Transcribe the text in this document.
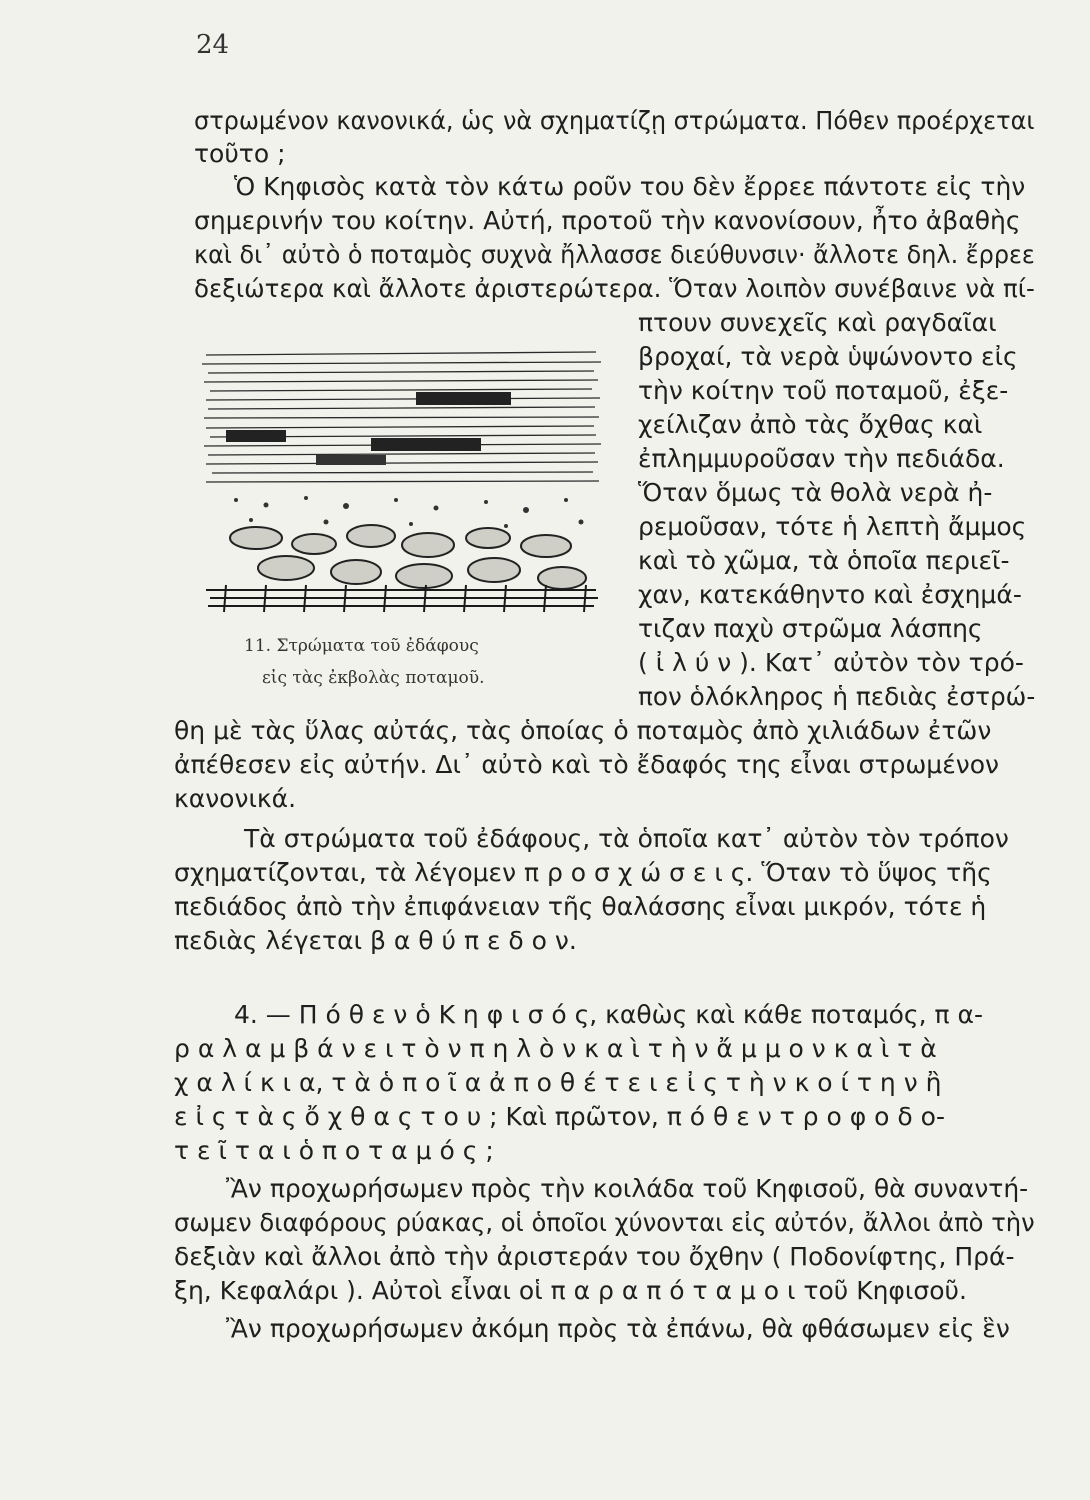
24
στρωμένον κανονικά, ὡς νὰ σχηματίζῃ στρώματα. Πόθεν προέρχεται
τοῦτο ;
Ὁ Κηφισὸς κατὰ τὸν κάτω ροῦν του δὲν ἔρρεε πάντοτε εἰς τὴν
σημερινήν του κοίτην. Αὐτή, προτοῦ τὴν κανονίσουν, ἦτο ἀβαθὴς
καὶ δι᾿ αὐτὸ ὁ ποταμὸς συχνὰ ἤλλασσε διεύθυνσιν· ἄλλοτε δηλ. ἔρρεε
δεξιώτερα καὶ ἄλλοτε ἀριστερώτερα. Ὅταν λοιπὸν συνέβαινε νὰ πί-
11. Στρώματα τοῦ ἐδάφους
εἰς τὰς ἐκβολὰς ποταμοῦ.
πτουν συνεχεῖς καὶ ραγδαῖαι
βροχαί, τὰ νερὰ ὑψώνοντο εἰς
τὴν κοίτην τοῦ ποταμοῦ, ἐξε-
χείλιζαν ἀπὸ τὰς ὄχθας καὶ
ἐπλημμυροῦσαν τὴν πεδιάδα.
Ὅταν ὅμως τὰ θολὰ νερὰ ἠ-
ρεμοῦσαν, τότε ἡ λεπτὴ ἄμμος
καὶ τὸ χῶμα, τὰ ὁποῖα περιεῖ-
χαν, κατεκάθηντο καὶ ἐσχημά-
τιζαν παχὺ στρῶμα λάσπης
( ἰ λ ύ ν ). Κατ᾿ αὐτὸν τὸν τρό-
πον ὁλόκληρος ἡ πεδιὰς ἐστρώ-
θη μὲ τὰς ὕλας αὐτάς, τὰς ὁποίας ὁ ποταμὸς ἀπὸ χιλιάδων ἐτῶν
ἀπέθεσεν εἰς αὐτήν. Δι᾿ αὐτὸ καὶ τὸ ἔδαφός της εἶναι στρωμένον
κανονικά.
Τὰ στρώματα τοῦ ἐδάφους, τὰ ὁποῖα κατ᾿ αὐτὸν τὸν τρόπον
σχηματίζονται, τὰ λέγομεν π ρ ο σ χ ώ σ ε ι ς. Ὅταν τὸ ὕψος τῆς
πεδιάδος ἀπὸ τὴν ἐπιφάνειαν τῆς θαλάσσης εἶναι μικρόν, τότε ἡ
πεδιὰς λέγεται β α θ ύ π ε δ ο ν.
4. — Π ό θ ε ν ὁ Κ η φ ι σ ό ς, καθὼς καὶ κάθε ποταμός, π α-
ρ α λ α μ β ά ν ε ι τ ὸ ν π η λ ὸ ν κ α ὶ τ ὴ ν ἄ μ μ ο ν κ α ὶ τ ὰ
χ α λ ί κ ι α, τ ὰ ὁ π ο ῖ α ἀ π ο θ έ τ ε ι ε ἰ ς τ ὴ ν κ ο ί τ η ν ἢ
ε ἰ ς τ ὰ ς ὄ χ θ α ς τ ο υ ; Καὶ πρῶτον, π ό θ ε ν τ ρ ο φ ο δ ο-
τ ε ῖ τ α ι ὁ π ο τ α μ ό ς ;
Ἂν προχωρήσωμεν πρὸς τὴν κοιλάδα τοῦ Κηφισοῦ, θὰ συναντή-
σωμεν διαφόρους ρύακας, οἱ ὁποῖοι χύνονται εἰς αὐτόν, ἄλλοι ἀπὸ τὴν
δεξιὰν καὶ ἄλλοι ἀπὸ τὴν ἀριστεράν του ὄχθην ( Ποδονίφτης, Πρά-
ξη, Κεφαλάρι ). Αὐτοὶ εἶναι οἱ π α ρ α π ό τ α μ ο ι τοῦ Κηφισοῦ.
Ἂν προχωρήσωμεν ἀκόμη πρὸς τὰ ἐπάνω, θὰ φθάσωμεν εἰς ἓν
